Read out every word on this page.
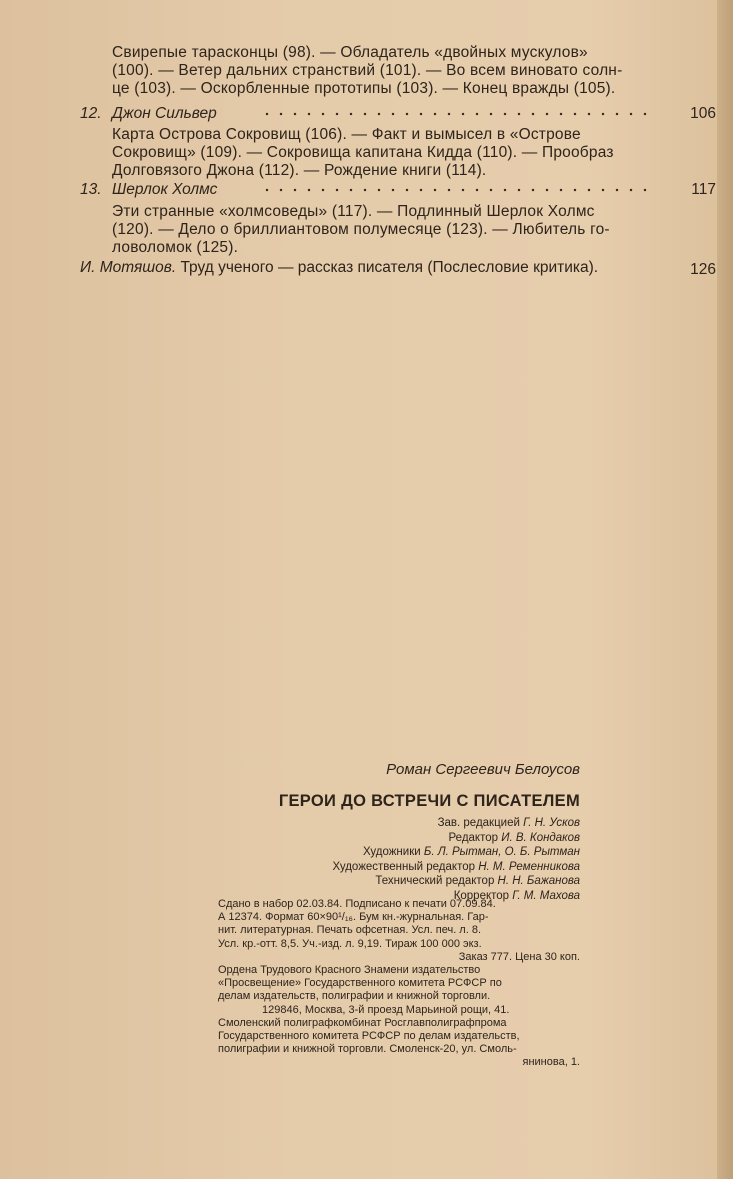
Свирепые тарасконцы (98). — Обладатель «двойных мускулов»
(100). — Ветер дальних странствий (101). — Во всем виновато солн-
це (103). — Оскорбленные прототипы (103). — Конец вражды (105).
12. Джон Сильвер	106
Карта Острова Сокровищ (106). — Факт и вымысел в «Острове
Сокровищ» (109). — Сокровища капитана Кидда (110). — Прообраз
Долговязого Джона (112). — Рождение книги (114).
13. Шерлок Холмс	117
Эти странные «холмсоведы» (117). — Подлинный Шерлок Холмс
(120). — Дело о бриллиантовом полумесяце (123). — Любитель го-
ловоломок (125).
И. Мотяшов. Труд ученого — рассказ писателя (Послесловие критика).	126
Роман Сергеевич Белоусов
ГЕРОИ ДО ВСТРЕЧИ С ПИСАТЕЛЕМ
Зав. редакцией Г. Н. Усков
Редактор И. В. Кондаков
Художники Б. Л. Рытман, О. Б. Рытман
Художественный редактор Н. М. Ременникова
Технический редактор Н. Н. Бажанова
Корректор Г. М. Махова

Сдано в набор 02.03.84. Подписано к печати 07.09.84.

А 12374. Формат 60×90¹/₁₆. Бум кн.-журнальная. Гар-

нит. литературная. Печать офсетная. Усл. печ. л. 8.

Усл. кр.-отт. 8,5. Уч.-изд. л. 9,19. Тираж 100 000 экз.

Заказ 777. Цена 30 коп.

Ордена Трудового Красного Знамени издательство

«Просвещение» Государственного комитета РСФСР по

делам издательств, полиграфии и книжной торговли.

129846, Москва, 3-й проезд Марьиной рощи, 41.

Смоленский полиграфкомбинат Росглавполиграфпрома

Государственного комитета РСФСР по делам издательств,

полиграфии и книжной торговли. Смоленск-20, ул. Смоль-

янинова, 1.
